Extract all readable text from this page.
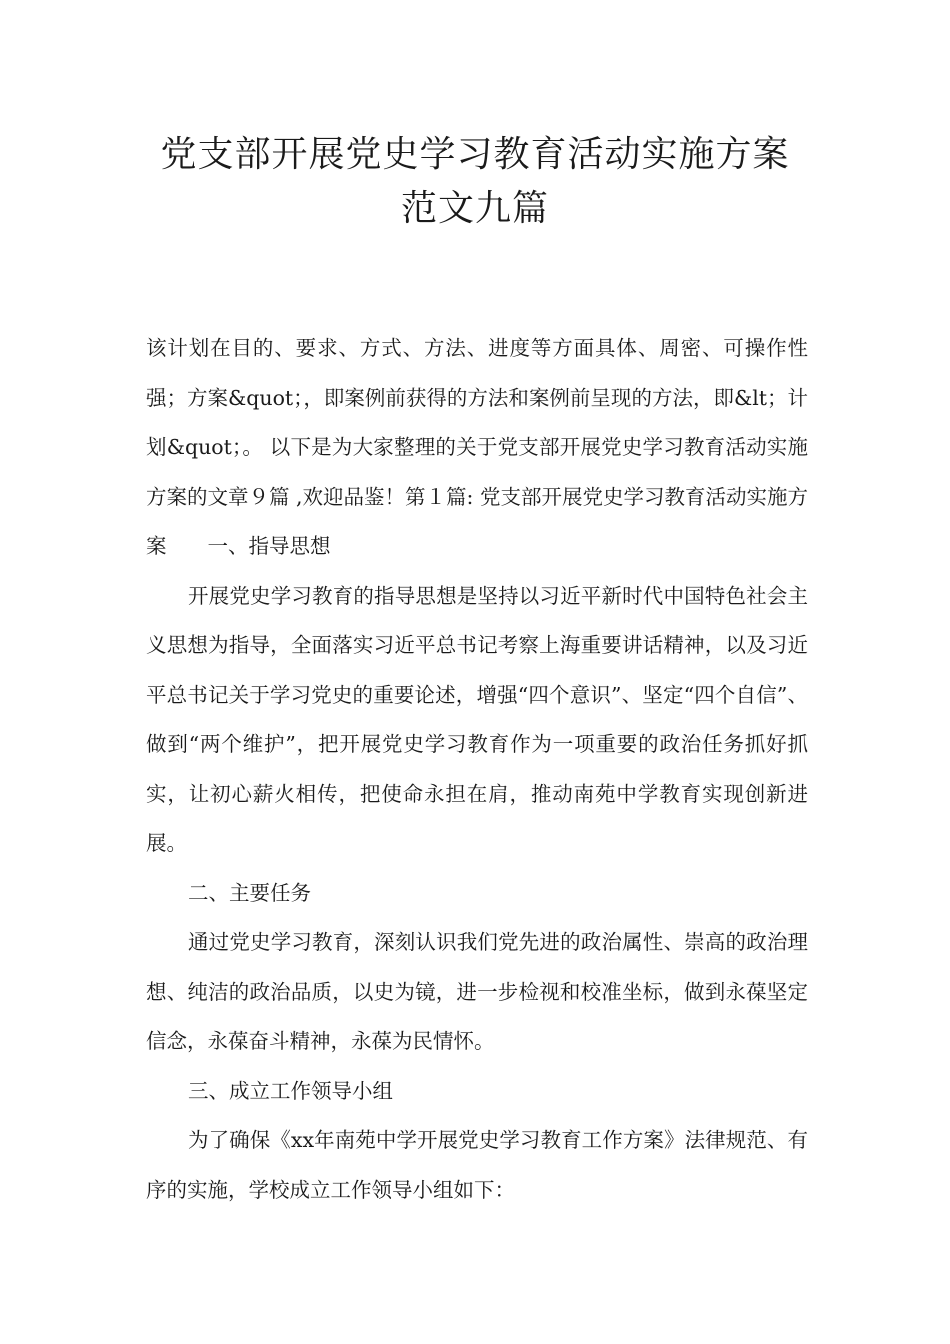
党支部开展党史学习教育活动实施方案
范文九篇

该计划在目的、要求、方式、方法、进度等方面具体、周密、可操作性强；方案&quot；，即案例前获得的方法和案例前呈现的方法，即&lt；计划&quot；。 以下是为大家整理的关于党支部开展党史学习教育活动实施方案的文章９篇 ,欢迎品鉴！第１篇: 党支部开展党史学习教育活动实施方案　　一、指导思想

开展党史学习教育的指导思想是坚持以习近平新时代中国特色社会主义思想为指导，全面落实习近平总书记考察上海重要讲话精神，以及习近平总书记关于学习党史的重要论述，增强“四个意识”、坚定“四个自信”、做到“两个维护”，把开展党史学习教育作为一项重要的政治任务抓好抓实，让初心薪火相传，把使命永担在肩，推动南苑中学教育实现创新进展。

二、主要任务

通过党史学习教育，深刻认识我们党先进的政治属性、崇高的政治理想、纯洁的政治品质，以史为镜，进一步检视和校准坐标，做到永葆坚定信念，永葆奋斗精神，永葆为民情怀。

三、成立工作领导小组

为了确保《xx年南苑中学开展党史学习教育工作方案》法律规范、有序的实施，学校成立工作领导小组如下：
